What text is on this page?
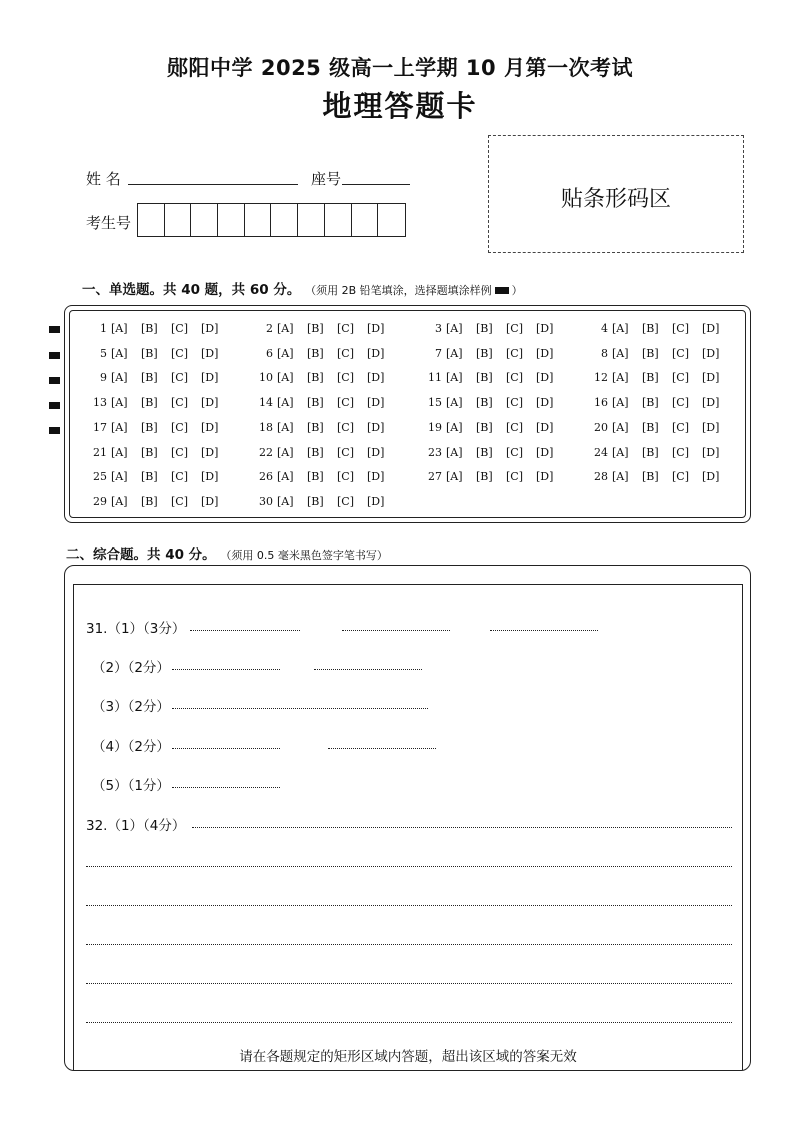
郧阳中学 2025 级高一上学期 10 月第一次考试
地理答题卡
姓 名	座号
考生号
贴条形码区
一、单选题。共 40 题，共 60 分。 （须用 2B 铅笔填涂，选择题填涂样例 ）
1 [A] [B] [C] [D]	2 [A] [B] [C] [D]	3 [A] [B] [C] [D]	4 [A] [B] [C] [D]
5 [A] [B] [C] [D]	6 [A] [B] [C] [D]	7 [A] [B] [C] [D]	8 [A] [B] [C] [D]
9 [A] [B] [C] [D]	10 [A] [B] [C] [D]	11 [A] [B] [C] [D]	12 [A] [B] [C] [D]
13 [A] [B] [C] [D]	14 [A] [B] [C] [D]	15 [A] [B] [C] [D]	16 [A] [B] [C] [D]
17 [A] [B] [C] [D]	18 [A] [B] [C] [D]	19 [A] [B] [C] [D]	20 [A] [B] [C] [D]
21 [A] [B] [C] [D]	22 [A] [B] [C] [D]	23 [A] [B] [C] [D]	24 [A] [B] [C] [D]
25 [A] [B] [C] [D]	26 [A] [B] [C] [D]	27 [A] [B] [C] [D]	28 [A] [B] [C] [D]
29 [A] [B] [C] [D]	30 [A] [B] [C] [D]
二、综合题。共 40 分。 （须用 0.5 毫米黑色签字笔书写）
31.（1）（3分）
（2）（2分）
（3）（2分）
（4）（2分）
（5）（1分）
32.（1）（4分）
请在各题规定的矩形区域内答题，超出该区域的答案无效
